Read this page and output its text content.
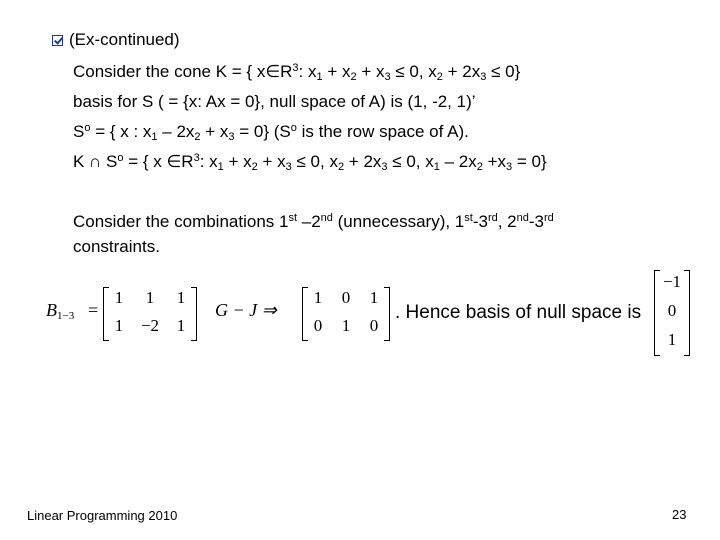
(Ex-continued)
Consider the cone K = { $x\in R^3$: $x_1 + x_2 + x_3 \le 0$, $x_2 + 2x_3 \le 0$}
basis for S ( = {x: Ax = 0}, null space of A) is (1, -2, 1)’
$S^o$ = { x : $x_1 - 2x_2 + x_3 = 0$} ($S^o$ is the row space of A).
K ∩ $S^o$ = { x $\in R^3$: $x_1 + x_2 + x_3 \le 0$, $x_2 + 2x_3 \le 0$, $x_1 - 2x_2 +x_3 = 0$}
Consider the combinations 1st –2nd (unnecessary), 1st-3rd, 2nd-3rd
constraints.
$B_{1-3}$ =
1	1	1
1	−2	1
G − J ⇒
1	0	1
0	1	0
. Hence basis of null space is
−1
0
1
Linear Programming 2010	23
